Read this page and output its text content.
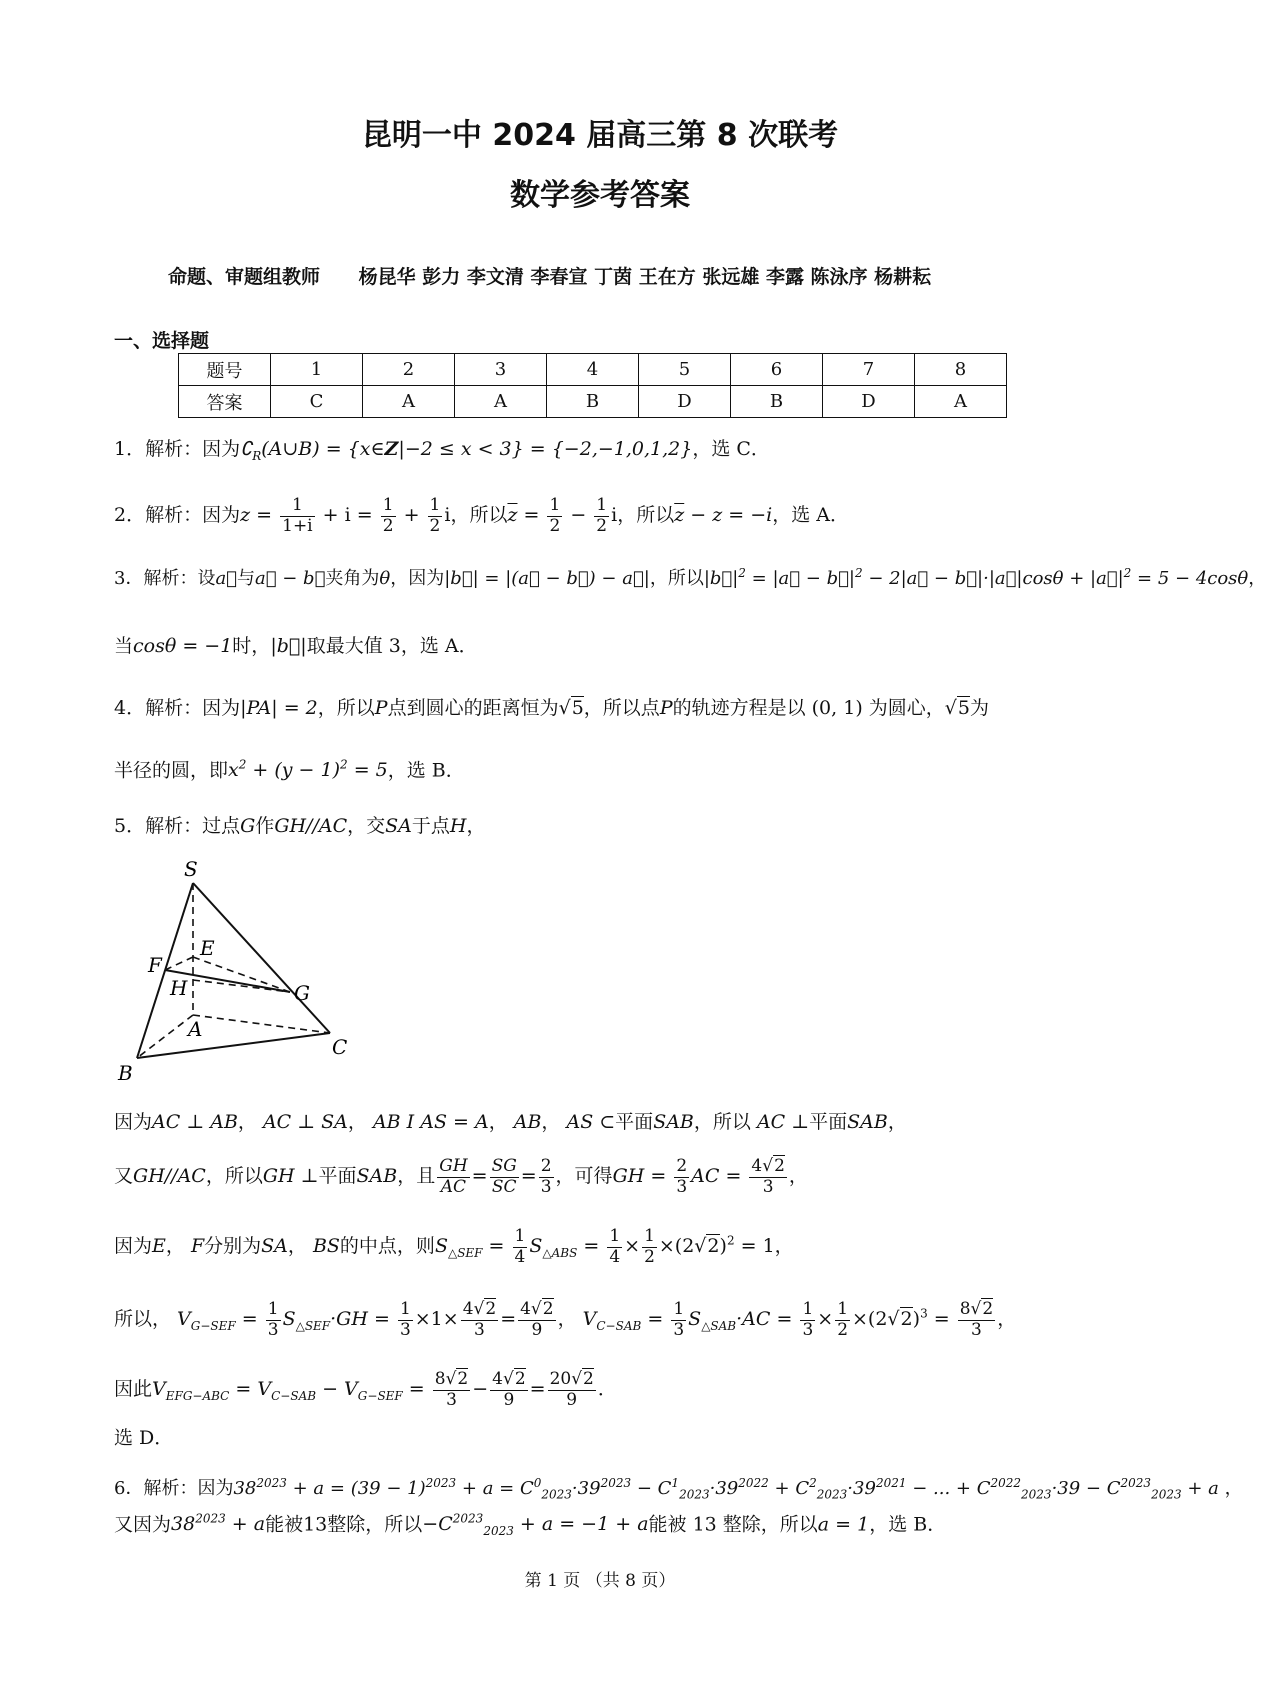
昆明一中 2024 届高三第 8 次联考
数学参考答案
命题、审题组教师 杨昆华 彭力 李文清 李春宣 丁茵 王在方 张远雄 李露 陈泳序 杨耕耘
一、选择题
题号	1	2	3	4	5	6	7	8
答案	C	A	A	B	D	B	D	A
1．解析：因为$∁_R(A\cup B)$ = {x∈Z|−2 ≤ x < 3} = {−2,−1,0,1,2}，选 C．
2．解析：因为$z = \frac{1}{1+i} + i = \frac{1}{2} + \frac{1}{2}$ i，所以$\overline{z} = \frac{1}{2} - \frac{1}{2}$ i，所以$\overline{z} - z = -i$，选 A．
3．解析：设a⃗与a⃗ − b⃗夹角为θ，因为|b⃗| = |(a⃗ − b⃗) − a⃗|，所以$|b⃗|^2$ = |a⃗ − $b⃗|^2$ − 2|a⃗ − b⃗|·|a⃗|cosθ + $|a⃗|^2 = 5 - 4\cos\theta$，
当cosθ = −1时，|b⃗|取最大值 3，选 A．
4．解析：因为|PA| = 2，所以P点到圆心的距离恒为√5，所以点P的轨迹方程是以 (0, 1) 为圆心，√5为
半径的圆，即$x^2 + (y - 1)^2 = 5$，选 B．
5．解析：过点G作GH//AC，交SA于点H，
S
E
F
H	G
A
C
B
因为AC ⊥ AB， AC ⊥ SA， AB I AS = A， AB， AS ⊂平面SAB，所以 AC ⊥平面SAB，
又GH//AC，所以GH ⊥平面SAB，且 $\frac{GH}{AC} = \frac{SG}{SC} = \frac{2}{3}$ ，可得GH = $\frac{2}{3}$ AC = $\frac{4√2}{3}$ ，
因为E， F分别为SA， BS的中点，则$S_{\triangle SEF} = \frac{1}{4} S_{\triangle ABS} = \frac{1}{4} \times \frac{1}{2} \times(2√2)^2 = 1$，
所以， $V_{G-SEF} = \frac{1}{3} S_{\triangle SEF}\cdot GH = \frac{1}{3} \times 1\times \frac{4√2}{3} = \frac{4√2}{9}$ ， $V_{C-SAB} = \frac{1}{3} S_{\triangle SAB}\cdot AC = \frac{1}{3} \times \frac{1}{2} \times(2√2)^3 = \frac{8√2}{3}$ ，
因此$V_{EFG-ABC} = V_{C-SAB} - V_{G-SEF} = \frac{8√2}{3} - \frac{4√2}{9} = \frac{20√2}{9}$ ．
选 D．
6．解析：因为$38^{2023} + a = (39 - 1)^{2023} + a = C^0_{2023}\cdot 39^{2023} - C^1_{2023}\cdot 39^{2022} + C^2_{2023}\cdot 39^{2021}$ − ... + $C^{2022}_{2023}\cdot 39 - C^{2023}_{2023} + a$ ，
又因为$38^{2023} + a$能被13整除，所以$-C^{2023}_{2023} + a = -1 + a$能被 13 整除，所以a = 1，选 B．
第 1 页 （共 8 页）
